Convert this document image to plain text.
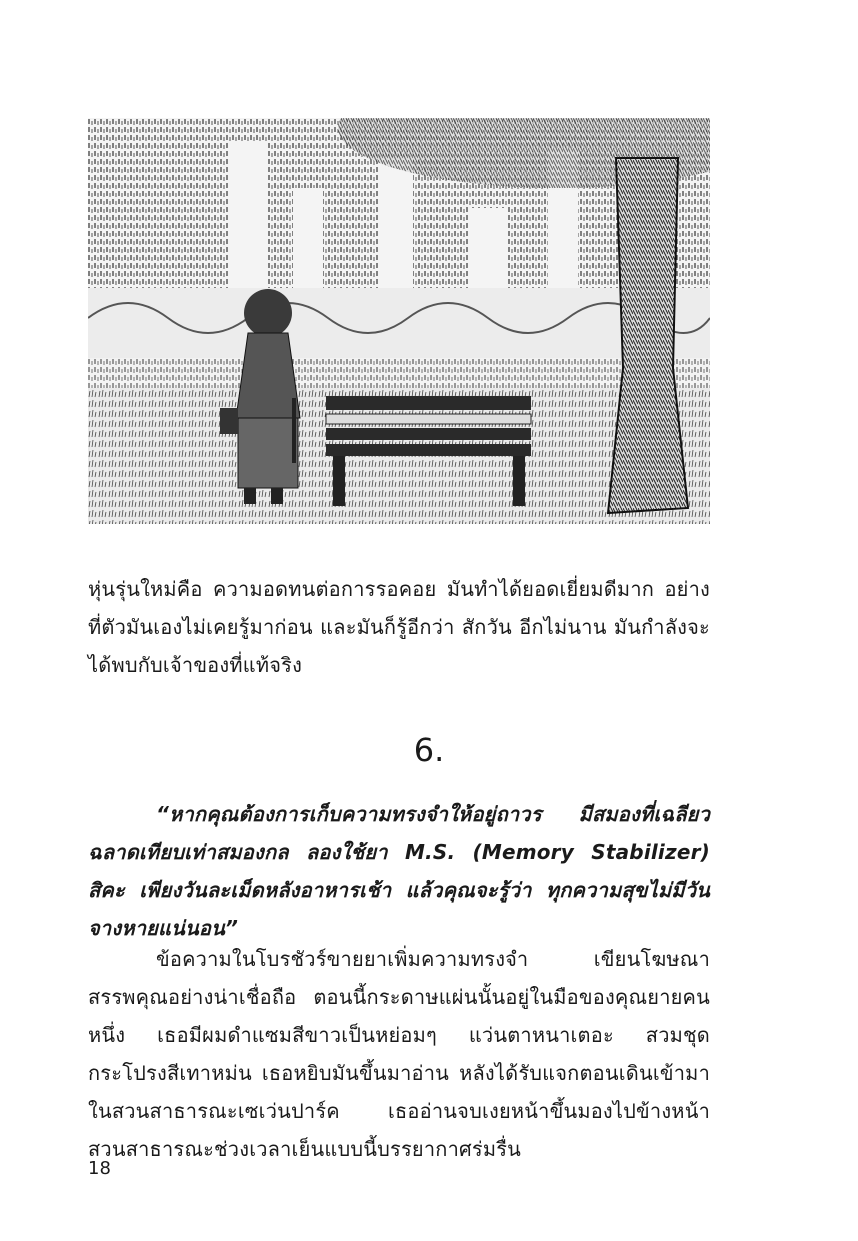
หุ่นรุ่นใหม่คือ ความอดทนต่อการรอคอย มันทำได้ยอดเยี่ยมดีมาก อย่างที่ตัวมันเองไม่เคยรู้มาก่อน และมันก็รู้อีกว่า สักวัน อีกไม่นาน มันกำลังจะได้พบกับเจ้าของที่แท้จริง

6.

“หากคุณต้องการเก็บความทรงจำให้อยู่ถาวร มีสมองที่เฉลียวฉลาดเทียบเท่าสมองกล ลองใช้ยา M.S. (Memory Stabilizer) สิคะ เพียงวันละเม็ดหลังอาหารเช้า แล้วคุณจะรู้ว่า ทุกความสุขไม่มีวันจางหายแน่นอน”

ข้อความในโบรชัวร์ขายยาเพิ่มความทรงจำ เขียนโฆษณาสรรพคุณอย่างน่าเชื่อถือ ตอนนี้กระดาษแผ่นนั้นอยู่ในมือของคุณยายคนหนึ่ง เธอมีผมดำแซมสีขาวเป็นหย่อมๆ แว่นตาหนาเตอะ สวมชุดกระโปรงสีเทาหม่น เธอหยิบมันขึ้นมาอ่าน หลังได้รับแจกตอนเดินเข้ามาในสวนสาธารณะเซเว่นปาร์ค เธออ่านจบเงยหน้าขึ้นมองไปข้างหน้า สวนสาธารณะช่วงเวลาเย็นแบบนี้บรรยากาศร่มรื่น

18
